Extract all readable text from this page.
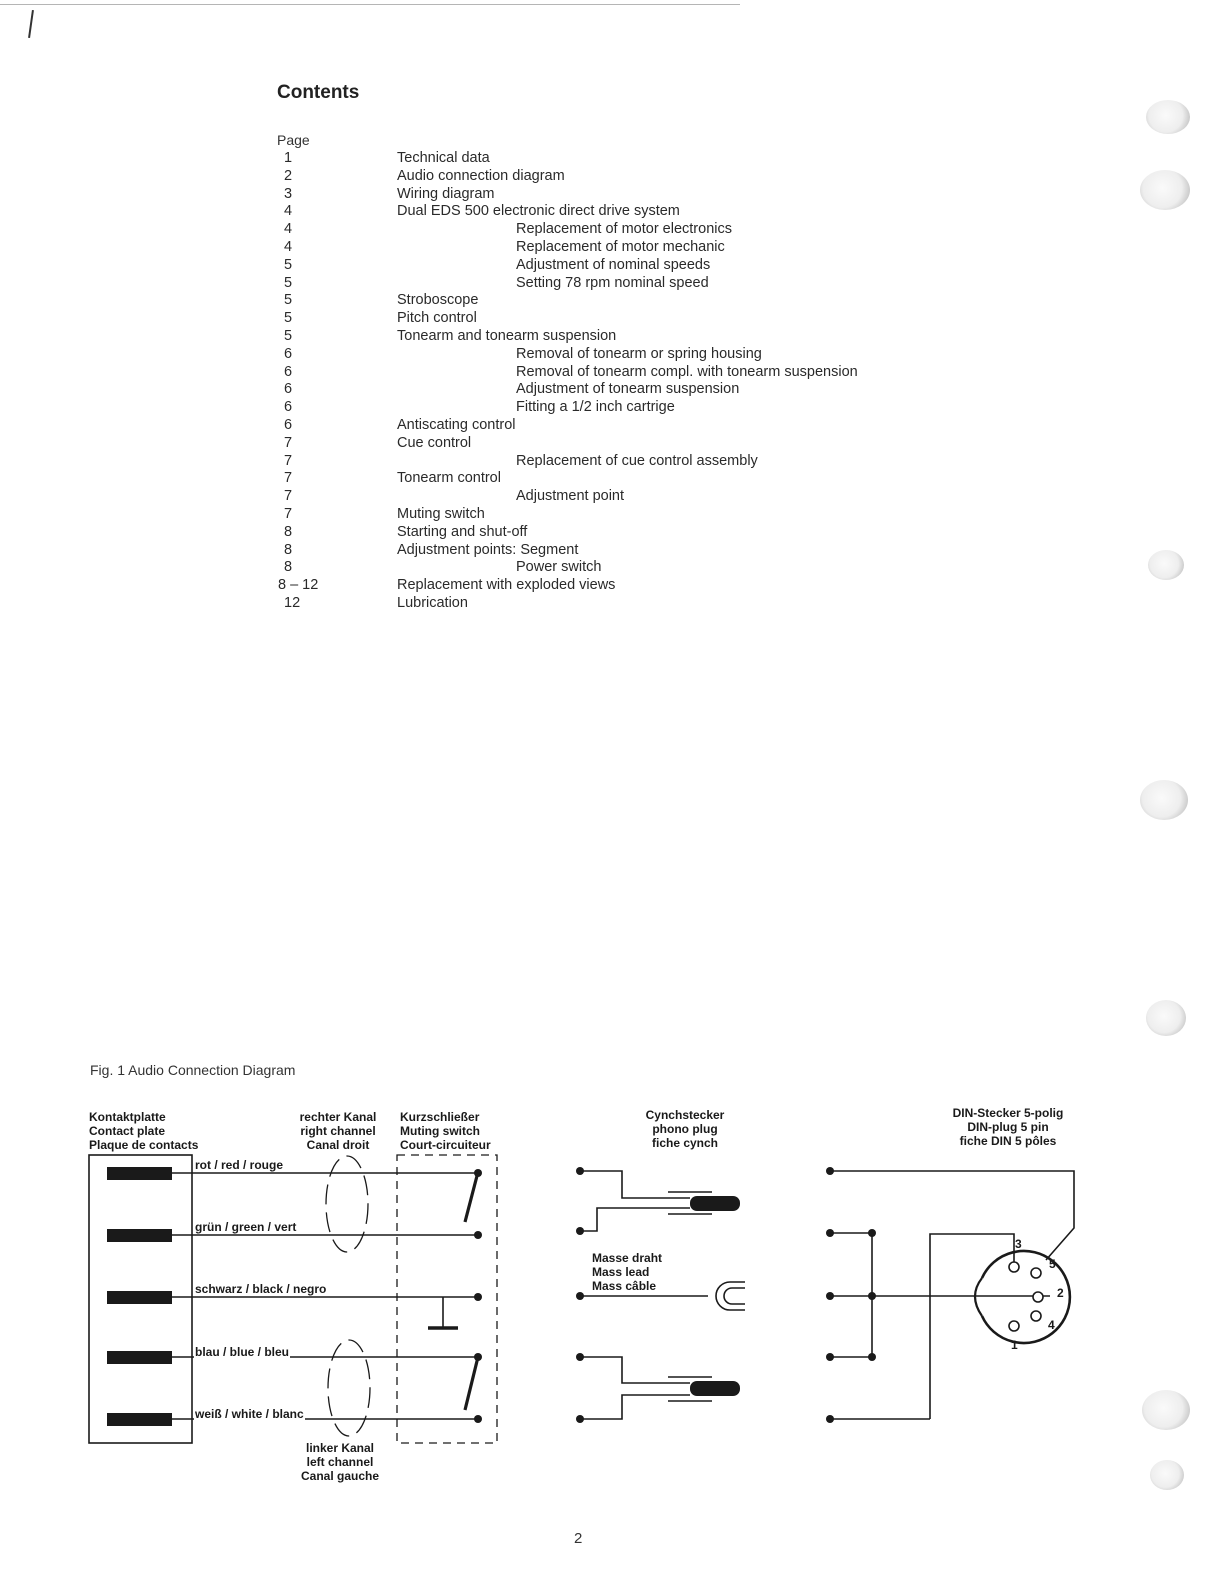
Contents
Page
1	Technical data
2	Audio connection diagram
3	Wiring diagram
4	Dual EDS 500 electronic direct drive system
4	Replacement of motor electronics
4	Replacement of motor mechanic
5	Adjustment of nominal speeds
5	Setting 78 rpm nominal speed
5	Stroboscope
5	Pitch control
5	Tonearm and tonearm suspension
6	Removal of tonearm or spring housing
6	Removal of tonearm compl. with tonearm suspension
6	Adjustment of tonearm suspension
6	Fitting a 1/2 inch cartrige
6	Antiscating control
7	Cue control
7	Replacement of cue control assembly
7	Tonearm control
7	Adjustment point
7	Muting switch
8	Starting and shut-off
8	Adjustment points: Segment
8	Power switch
8 – 12	Replacement with exploded views
12	Lubrication
Fig. 1 Audio Connection Diagram
Kontaktplatte
Contact plate
Plaque de contacts
rechter Kanal
right channel
Canal droit
Kurzschließer
Muting switch
Court-circuiteur
linker Kanal
left channel
Canal gauche
rot / red / rouge
grün / green / vert
schwarz / black / negro
blau / blue / bleu
weiß / white / blanc
Cynchstecker
phono plug
fiche cynch
Masse draht
Mass lead
Mass câble
DIN-Stecker 5-polig
DIN-plug 5 pin
fiche DIN 5 pôles
1
2
3
4
5
2
